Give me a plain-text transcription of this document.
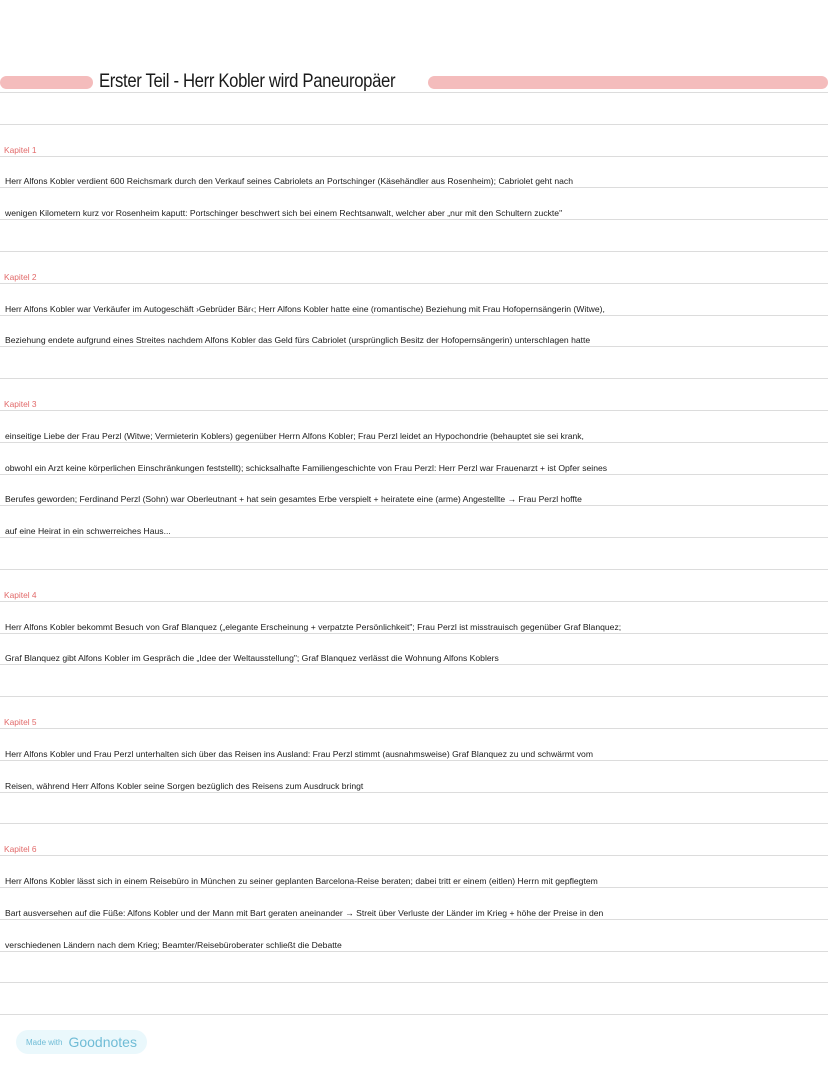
Erster Teil - Herr Kobler wird Paneuropäer
Kapitel 1
Herr Alfons Kobler verdient 600 Reichsmark durch den Verkauf seines Cabriolets an Portschinger (Käsehändler aus Rosenheim); Cabriolet geht nach
wenigen Kilometern kurz vor Rosenheim kaputt: Portschinger beschwert sich bei einem Rechtsanwalt, welcher aber „nur mit den Schultern zuckte"
Kapitel 2
Herr Alfons Kobler war Verkäufer im Autogeschäft ›Gebrüder Bär‹; Herr Alfons Kobler hatte eine (romantische) Beziehung mit Frau Hofopernsängerin (Witwe),
Beziehung endete aufgrund eines Streites nachdem Alfons Kobler das Geld fürs Cabriolet (ursprünglich Besitz der Hofopernsängerin) unterschlagen hatte
Kapitel 3
einseitige Liebe der Frau Perzl (Witwe; Vermieterin Koblers) gegenüber Herrn Alfons Kobler; Frau Perzl leidet an Hypochondrie (behauptet sie sei krank,
obwohl ein Arzt keine körperlichen Einschränkungen feststellt); schicksalhafte Familiengeschichte von Frau Perzl: Herr Perzl war Frauenarzt + ist Opfer seines
Berufes geworden; Ferdinand Perzl (Sohn) war Oberleutnant + hat sein gesamtes Erbe verspielt + heiratete eine (arme) Angestellte → Frau Perzl hoffte
auf eine Heirat in ein schwerreiches Haus...
Kapitel 4
Herr Alfons Kobler bekommt Besuch von Graf Blanquez („elegante Erscheinung + verpatzte Persönlichkeit"; Frau Perzl ist misstrauisch gegenüber Graf Blanquez;
Graf Blanquez gibt Alfons Kobler im Gespräch die „Idee der Weltausstellung"; Graf Blanquez verlässt die Wohnung Alfons Koblers
Kapitel 5
Herr Alfons Kobler und Frau Perzl unterhalten sich über das Reisen ins Ausland: Frau Perzl stimmt (ausnahmsweise) Graf Blanquez zu und schwärmt vom
Reisen, während Herr Alfons Kobler seine Sorgen bezüglich des Reisens zum Ausdruck bringt
Kapitel 6
Herr Alfons Kobler lässt sich in einem Reisebüro in München zu seiner geplanten Barcelona-Reise beraten; dabei tritt er einem (eitlen) Herrn mit gepflegtem
Bart ausversehen auf die Füße: Alfons Kobler und der Mann mit Bart geraten aneinander → Streit über Verluste der Länder im Krieg + höhe der Preise in den
verschiedenen Ländern nach dem Krieg; Beamter/Reisebüroberater schließt die Debatte
Made with Goodnotes
